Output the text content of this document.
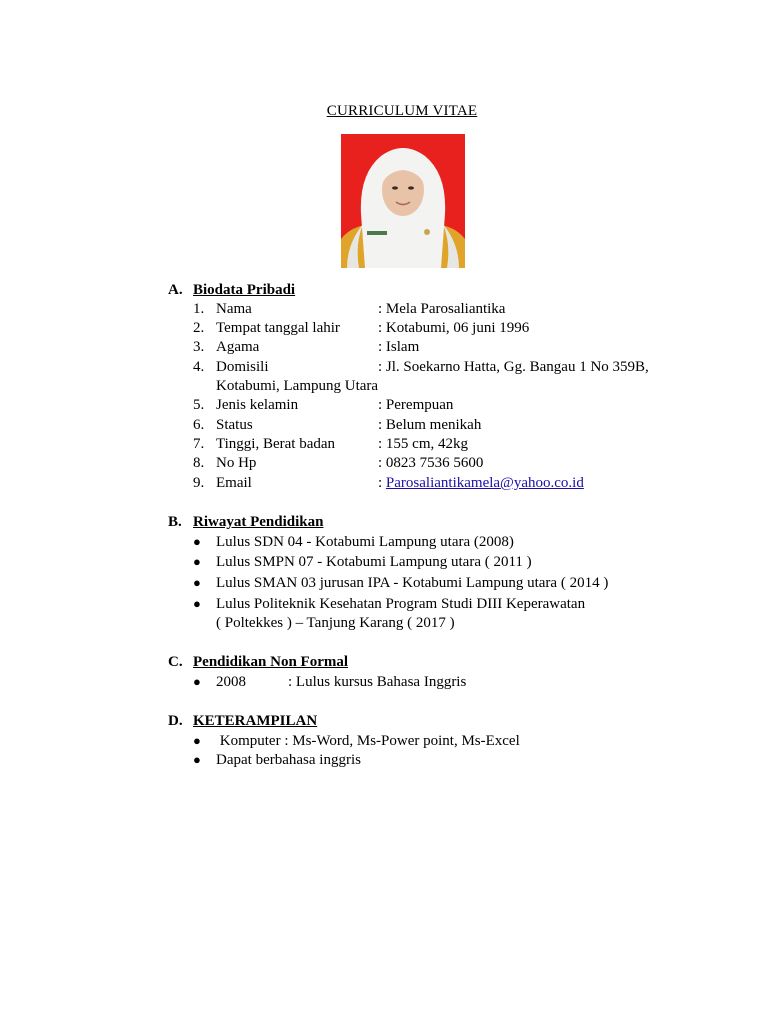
CURRICULUM VITAE
A. Biodata Pribadi
1. Nama	: Mela Parosaliantika
2. Tempat tanggal lahir	: Kotabumi, 06 juni 1996
3. Agama	: Islam
4. Domisili	: Jl. Soekarno Hatta, Gg. Bangau 1 No 359B,
Kotabumi, Lampung Utara
5. Jenis kelamin	: Perempuan
6. Status	: Belum menikah
7. Tinggi, Berat badan	: 155 cm, 42kg
8. No Hp	: 0823 7536 5600
9. Email	: Parosaliantikamela@yahoo.co.id
B. Riwayat Pendidikan
● Lulus SDN 04 - Kotabumi Lampung utara (2008)
● Lulus SMPN 07 - Kotabumi Lampung utara ( 2011 )
● Lulus SMAN 03 jurusan IPA - Kotabumi Lampung utara ( 2014 )
● Lulus Politeknik Kesehatan Program Studi DIII Keperawatan
( Poltekkes ) – Tanjung Karang ( 2017 )
C. Pendidikan Non Formal
● 2008	: Lulus kursus Bahasa Inggris
D. KETERAMPILAN
● Komputer : Ms-Word, Ms-Power point, Ms-Excel
● Dapat berbahasa inggris
